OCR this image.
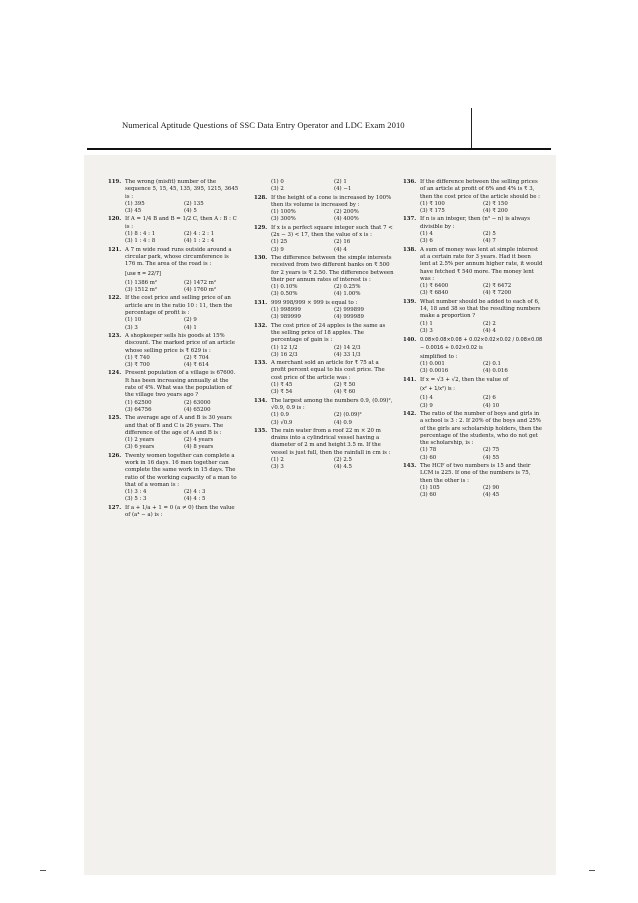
Numerical Aptitude Questions of SSC Data Entry Operator and LDC Exam 2010
119. The wrong (misfit) number of the sequence 5, 15, 45, 135, 395, 1215, 3645 is :
(1) 395	(2) 135
(3) 45	(4) 5
120. If A = 1/4 B and B = 1/2 C, then A : B : C is :
(1) 8 : 4 : 1	(2) 4 : 2 : 1
(3) 1 : 4 : 8	(4) 1 : 2 : 4
121. A 7 m wide road runs outside around a circular park, whose circumference is 176 m. The area of the road is :
[use π = 22/7]
(1) 1386 m²	(2) 1472 m²
(3) 1512 m²	(4) 1760 m²
122. If the cost price and selling price of an article are in the ratio 10 : 11, then the percentage of profit is :
(1) 10	(2) 9
(3) 3	(4) 1
123. A shopkeeper sells his goods at 15% discount. The marked price of an article whose selling price is ₹ 629 is :
(1) ₹ 740	(2) ₹ 704
(3) ₹ 700	(4) ₹ 614
124. Present population of a village is 67600. It has been increasing annually at the rate of 4%. What was the population of the village two years ago ?
(1) 62500	(2) 63000
(3) 64756	(4) 65200
125. The average age of A and B is 30 years and that of B and C is 26 years. The difference of the age of A and B is :
(1) 2 years	(2) 4 years
(3) 6 years	(4) 8 years
126. Twenty women together can complete a work in 16 days. 16 men together can complete the same work in 15 days. The ratio of the working capacity of a man to that of a woman is :
(1) 3 : 4	(2) 4 : 3
(3) 5 : 3	(4) 4 : 5
127. If a + 1/a + 1 = 0 (a ≠ 0) then the value of (a⁴ − a) is :
(1) 0	(2) 1
(3) 2	(4) −1
128. If the height of a cone is increased by 100% then its volume is increased by :
(1) 100%	(2) 200%
(3) 300%	(4) 400%
129. If x is a perfect square integer such that 7 < (2x − 3) < 17, then the value of x is :
(1) 25	(2) 16
(3) 9	(4) 4
130. The difference between the simple interests received from two different banks on ₹ 500 for 2 years is ₹ 2.50. The difference between their per annum rates of interest is :
(1) 0.10%	(2) 0.25%
(3) 0.50%	(4) 1.00%
131. 999 998/999 × 999 is equal to :
(1) 998999	(2) 999899
(3) 989999	(4) 999989
132. The cost price of 24 apples is the same as the selling price of 18 apples. The percentage of gain is :
(1) 12 1/2	(2) 14 2/3
(3) 16 2/3	(4) 33 1/3
133. A merchant sold an article for ₹ 75 at a profit percent equal to his cost price. The cost price of the article was :
(1) ₹ 45	(2) ₹ 50
(3) ₹ 54	(4) ₹ 60
134. The largest among the numbers 0.9, (0.09)², √0.9, 0.9 is :
(1) 0.9	(2) (0.09)²
(3) √0.9	(4) 0.9
135. The rain water from a roof 22 m × 20 m drains into a cylindrical vessel having a diameter of 2 m and height 3.5 m. If the vessel is just full, then the rainfall in cm is :
(1) 2	(2) 2.5
(3) 3	(4) 4.5
136. If the difference between the selling prices of an article at profit of 6% and 4% is ₹ 3, then the cost price of the article should be :
(1) ₹ 100	(2) ₹ 150
(3) ₹ 175	(4) ₹ 200
137. If n is an integer, then (n³ − n) is always divisible by :
(1) 4	(2) 5
(3) 6	(4) 7
138. A sum of money was lent at simple interest at a certain rate for 3 years. Had it been lent at 2.5% per annum higher rate, it would have fetched ₹ 540 more. The money lent was :
(1) ₹ 6400	(2) ₹ 6472
(3) ₹ 6840	(4) ₹ 7200
139. What number should be added to each of 6, 14, 18 and 38 so that the resulting numbers make a proportion ?
(1) 1	(2) 2
(3) 3	(4) 4
140. 0.08×0.08×0.08 + 0.02×0.02×0.02 / 0.08×0.08 − 0.0016 + 0.02×0.02 is
simplified to :
(1) 0.001	(2) 0.1
(3) 0.0016	(4) 0.016
141. If x = √3 + √2, then the value of
(x² + 1/x²) is :
(1) 4	(2) 6
(3) 9	(4) 10
142. The ratio of the number of boys and girls in a school is 3 : 2. If 20% of the boys and 25% of the girls are scholarship holders, then the percentage of the students, who do not get the scholarship, is :
(1) 78	(2) 75
(3) 60	(4) 55
143. The HCF of two numbers is 15 and their LCM is 225. If one of the numbers is 75, then the other is :
(1) 105	(2) 90
(3) 60	(4) 45
